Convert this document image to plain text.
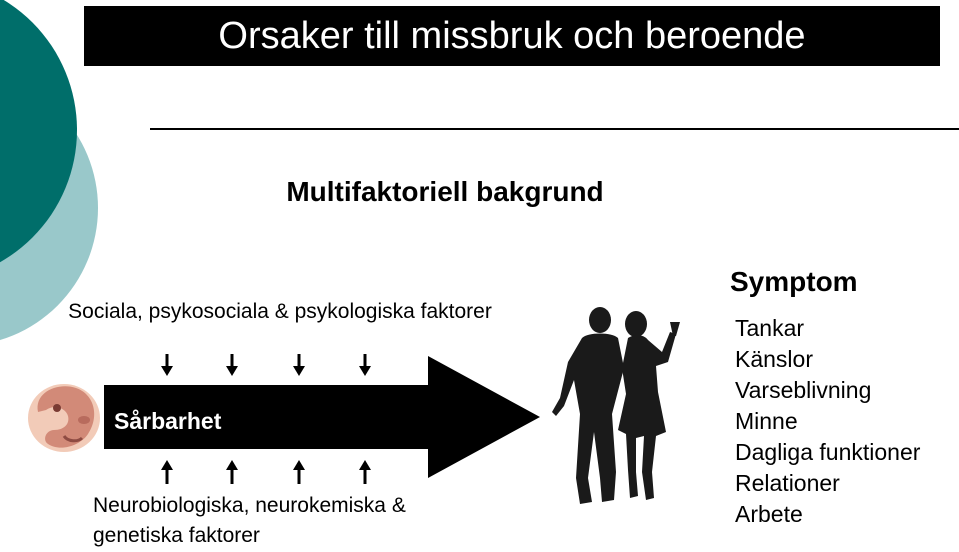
Orsaker till missbruk och beroende
Multifaktoriell bakgrund
Sociala, psykosociala & psykologiska faktorer
Sårbarhet
Neurobiologiska, neurokemiska & genetiska faktorer
Symptom
Tankar
Känslor
Varseblivning
Minne
Dagliga funktioner
Relationer
Arbete
